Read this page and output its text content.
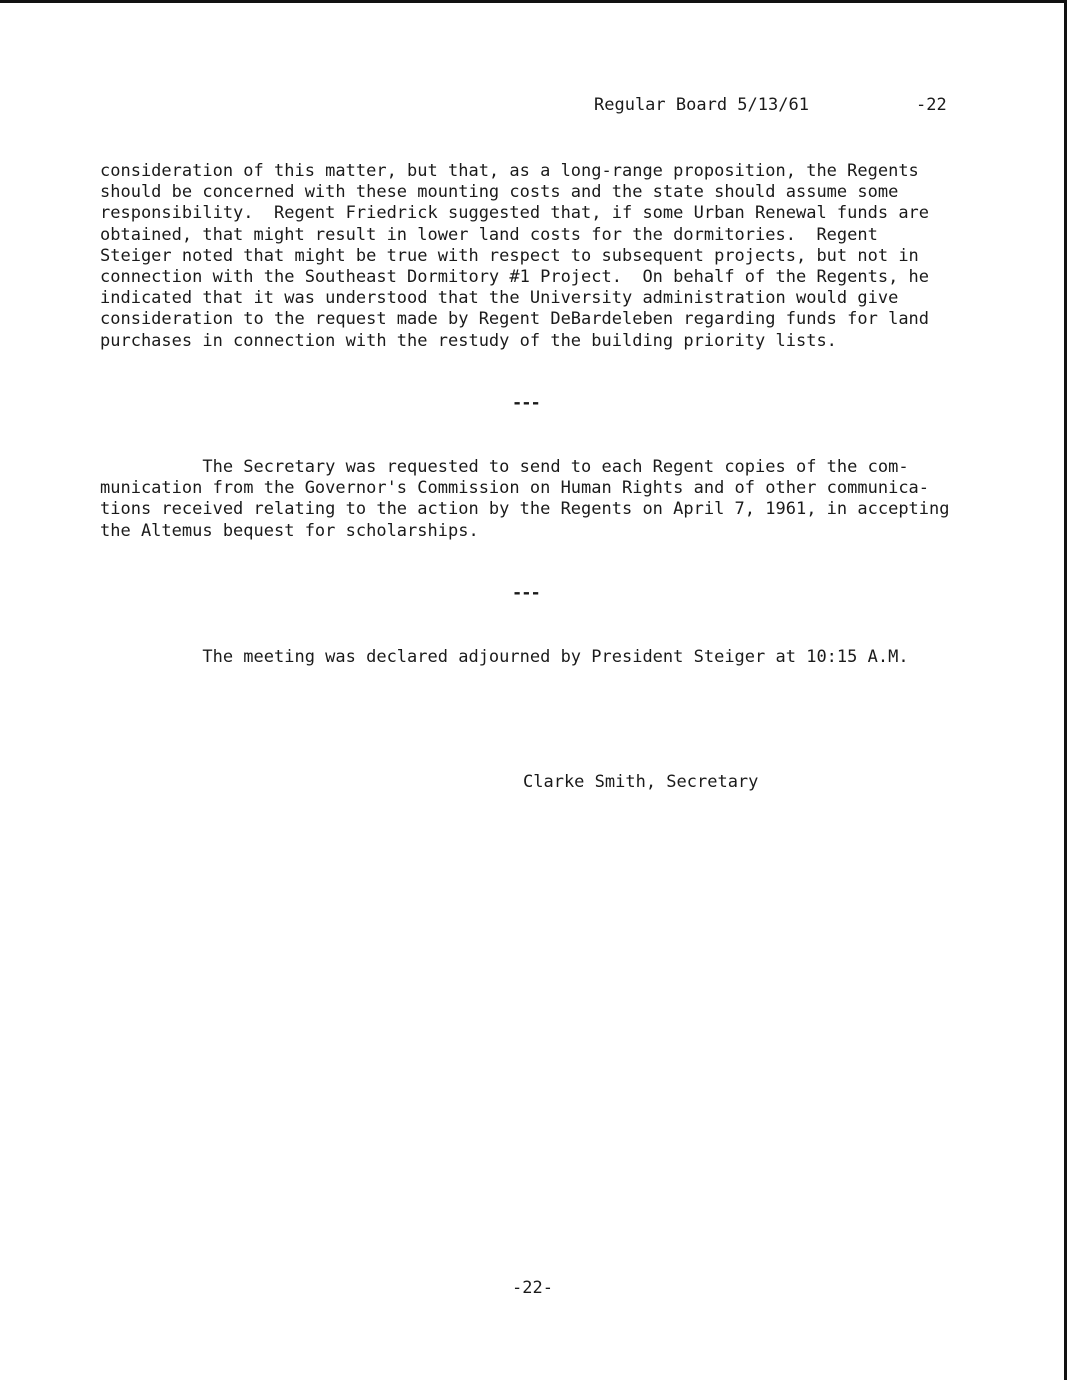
Regular Board 5/13/61	-22

consideration of this matter, but that, as a long-range proposition, the Regents
should be concerned with these mounting costs and the state should assume some
responsibility.  Regent Friedrick suggested that, if some Urban Renewal funds are
obtained, that might result in lower land costs for the dormitories.  Regent
Steiger noted that might be true with respect to subsequent projects, but not in
connection with the Southeast Dormitory #1 Project.  On behalf of the Regents, he
indicated that it was understood that the University administration would give
consideration to the request made by Regent DeBardeleben regarding funds for land
purchases in connection with the restudy of the building priority lists.

---

The Secretary was requested to send to each Regent copies of the com-
munication from the Governor's Commission on Human Rights and of other communica-
tions received relating to the action by the Regents on April 7, 1961, in accepting
the Altemus bequest for scholarships.

---

The meeting was declared adjourned by President Steiger at 10:15 A.M.

Clarke Smith, Secretary
-22-
